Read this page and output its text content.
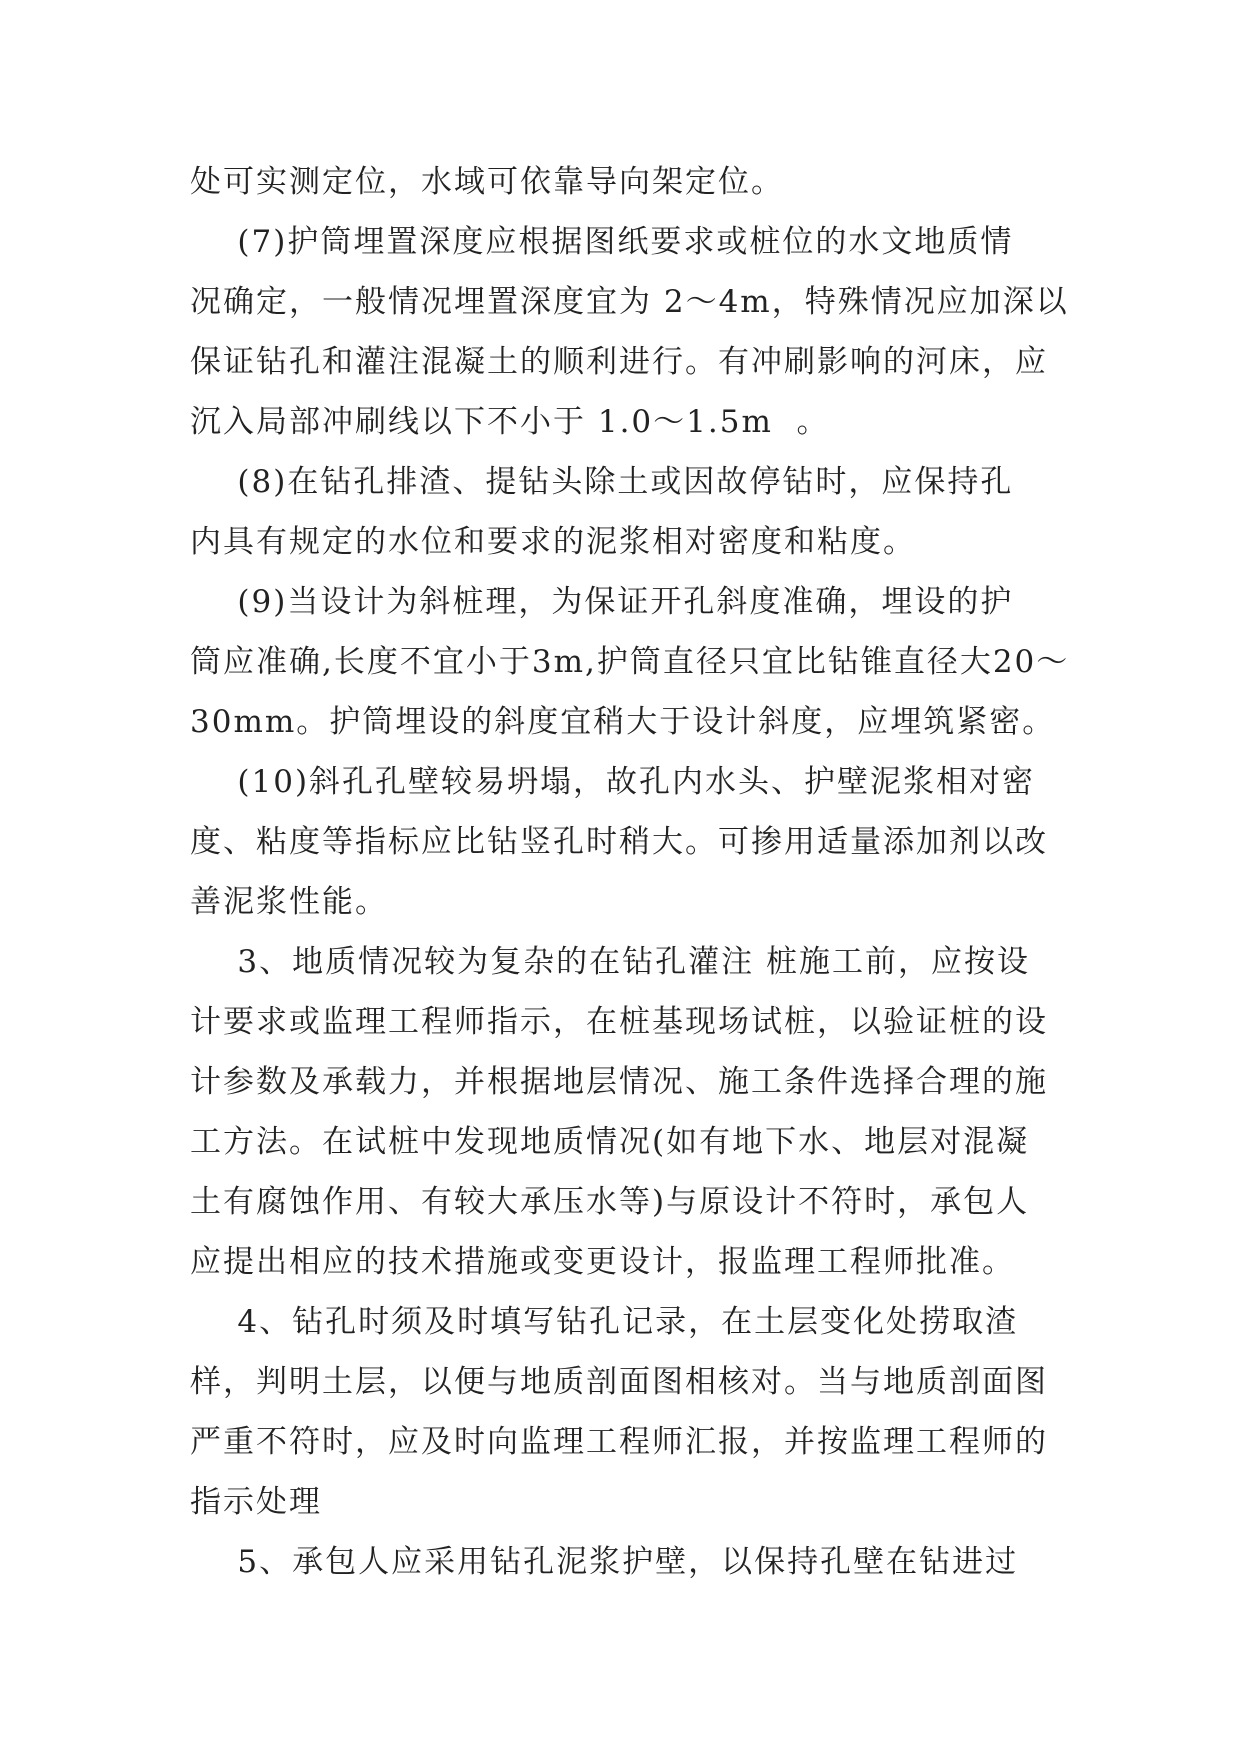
处可实测定位，水域可依靠导向架定位。
(7)护筒埋置深度应根据图纸要求或桩位的水文地质情
况确定，一般情况埋置深度宜为 2～4m，特殊情况应加深以
保证钻孔和灌注混凝土的顺利进行。有冲刷影响的河床，应
沉入局部冲刷线以下不小于 1.0～1.5m  。
(8)在钻孔排渣、提钻头除土或因故停钻时，应保持孔
内具有规定的水位和要求的泥浆相对密度和粘度。
(9)当设计为斜桩理，为保证开孔斜度准确，埋设的护
筒应准确,长度不宜小于3m,护筒直径只宜比钻锥直径大20～
30mm。护筒埋设的斜度宜稍大于设计斜度，应埋筑紧密。
(10)斜孔孔壁较易坍塌，故孔内水头、护壁泥浆相对密
度、粘度等指标应比钻竖孔时稍大。可掺用适量添加剂以改
善泥浆性能。
3、地质情况较为复杂的在钻孔灌注 桩施工前，应按设
计要求或监理工程师指示，在桩基现场试桩，以验证桩的设
计参数及承载力，并根据地层情况、施工条件选择合理的施
工方法。在试桩中发现地质情况(如有地下水、地层对混凝
土有腐蚀作用、有较大承压水等)与原设计不符时，承包人
应提出相应的技术措施或变更设计，报监理工程师批准。
4、钻孔时须及时填写钻孔记录，在土层变化处捞取渣
样，判明土层，以便与地质剖面图相核对。当与地质剖面图
严重不符时，应及时向监理工程师汇报，并按监理工程师的
指示处理
5、承包人应采用钻孔泥浆护壁，以保持孔壁在钻进过
